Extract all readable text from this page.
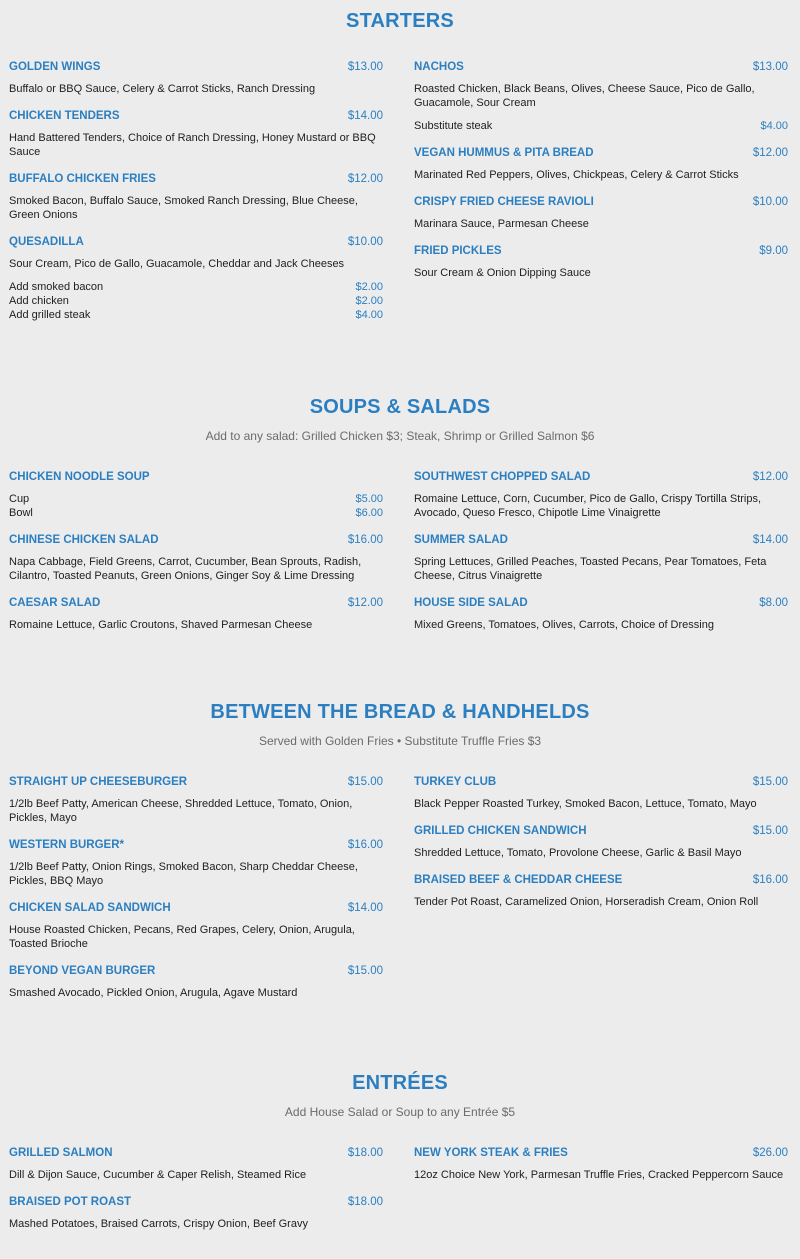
STARTERS
GOLDEN WINGS	$13.00
Buffalo or BBQ Sauce, Celery & Carrot Sticks, Ranch Dressing
CHICKEN TENDERS	$14.00
Hand Battered Tenders, Choice of Ranch Dressing, Honey Mustard or BBQ Sauce
BUFFALO CHICKEN FRIES	$12.00
Smoked Bacon, Buffalo Sauce, Smoked Ranch Dressing, Blue Cheese, Green Onions
QUESADILLA	$10.00
Sour Cream, Pico de Gallo, Guacamole, Cheddar and Jack Cheeses
Add smoked bacon	$2.00
Add chicken	$2.00
Add grilled steak	$4.00
NACHOS	$13.00
Roasted Chicken, Black Beans, Olives, Cheese Sauce, Pico de Gallo, Guacamole, Sour Cream
Substitute steak	$4.00
VEGAN HUMMUS & PITA BREAD	$12.00
Marinated Red Peppers, Olives, Chickpeas, Celery & Carrot Sticks
CRISPY FRIED CHEESE RAVIOLI	$10.00
Marinara Sauce, Parmesan Cheese
FRIED PICKLES	$9.00
Sour Cream & Onion Dipping Sauce
SOUPS & SALADS
Add to any salad: Grilled Chicken $3; Steak, Shrimp or Grilled Salmon $6
CHICKEN NOODLE SOUP
Cup	$5.00
Bowl	$6.00
CHINESE CHICKEN SALAD	$16.00
Napa Cabbage, Field Greens, Carrot, Cucumber, Bean Sprouts, Radish, Cilantro, Toasted Peanuts, Green Onions, Ginger Soy & Lime Dressing
CAESAR SALAD	$12.00
Romaine Lettuce, Garlic Croutons, Shaved Parmesan Cheese
SOUTHWEST CHOPPED SALAD	$12.00
Romaine Lettuce, Corn, Cucumber, Pico de Gallo, Crispy Tortilla Strips, Avocado, Queso Fresco, Chipotle Lime Vinaigrette
SUMMER SALAD	$14.00
Spring Lettuces, Grilled Peaches, Toasted Pecans, Pear Tomatoes, Feta Cheese, Citrus Vinaigrette
HOUSE SIDE SALAD	$8.00
Mixed Greens, Tomatoes, Olives, Carrots, Choice of Dressing
BETWEEN THE BREAD & HANDHELDS
Served with Golden Fries • Substitute Truffle Fries $3
STRAIGHT UP CHEESEBURGER	$15.00
1/2lb Beef Patty, American Cheese, Shredded Lettuce, Tomato, Onion, Pickles, Mayo
WESTERN BURGER*	$16.00
1/2lb Beef Patty, Onion Rings, Smoked Bacon, Sharp Cheddar Cheese, Pickles, BBQ Mayo
CHICKEN SALAD SANDWICH	$14.00
House Roasted Chicken, Pecans, Red Grapes, Celery, Onion, Arugula, Toasted Brioche
BEYOND VEGAN BURGER	$15.00
Smashed Avocado, Pickled Onion, Arugula, Agave Mustard
TURKEY CLUB	$15.00
Black Pepper Roasted Turkey, Smoked Bacon, Lettuce, Tomato, Mayo
GRILLED CHICKEN SANDWICH	$15.00
Shredded Lettuce, Tomato, Provolone Cheese, Garlic & Basil Mayo
BRAISED BEEF & CHEDDAR CHEESE	$16.00
Tender Pot Roast, Caramelized Onion, Horseradish Cream, Onion Roll
ENTRÉES
Add House Salad or Soup to any Entrée $5
GRILLED SALMON	$18.00
Dill & Dijon Sauce, Cucumber & Caper Relish, Steamed Rice
BRAISED POT ROAST	$18.00
Mashed Potatoes, Braised Carrots, Crispy Onion, Beef Gravy
NEW YORK STEAK & FRIES	$26.00
12oz Choice New York, Parmesan Truffle Fries, Cracked Peppercorn Sauce
